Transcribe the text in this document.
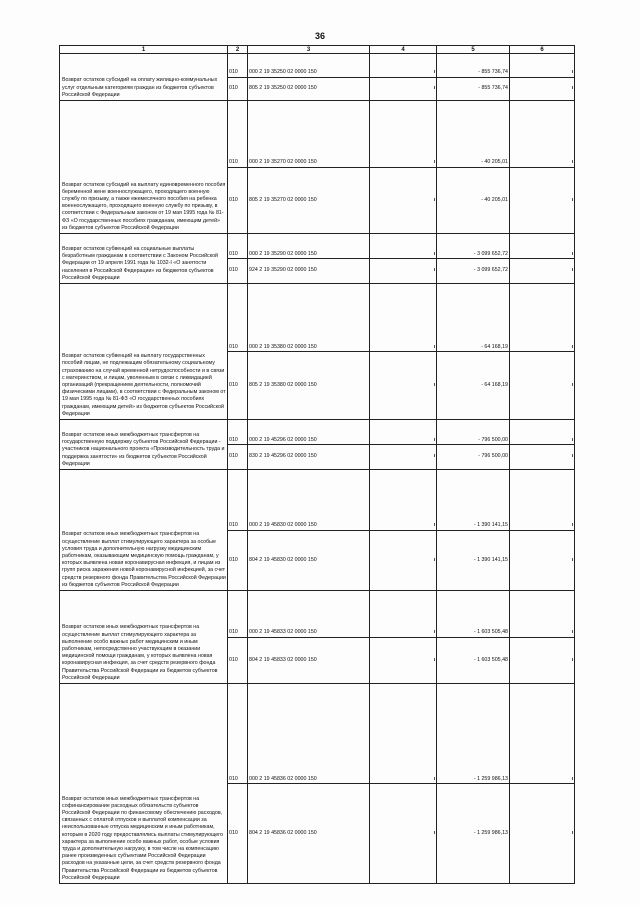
36
1	2	3	4	5	6
Возврат остатков субсидий на оплату жилищно-коммунальных услуг отдельным категориям граждан из бюджетов субъектов Российской Федерации	010	000 2 19 35250 02 0000 150		- 855 736,74	
	010	805 2 19 35250 02 0000 150		- 855 736,74	
Возврат остатков субсидий на выплату единовременного пособия беременной жене военнослужащего, проходящего военную службу по призыву, а также ежемесячного пособия на ребенка военнослужащего, проходящего военную службу по призыву, в соответствии с Федеральным законом от 19 мая 1995 года № 81-ФЗ «О государственных пособиях гражданам, имеющим детей» из бюджетов субъектов Российской Федерации	010	000 2 19 35270 02 0000 150		- 40 205,01	
	010	805 2 19 35270 02 0000 150		- 40 205,01	
Возврат остатков субвенций на социальные выплаты безработным гражданам в соответствии с Законом Российской Федерации от 19 апреля 1991 года № 1032-I «О занятости населения в Российской Федерации» из бюджетов субъектов Российской Федерации	010	000 2 19 35290 02 0000 150		- 3 099 652,72	
	010	924 2 19 35290 02 0000 150		- 3 099 652,72	
Возврат остатков субвенций на выплату государственных пособий лицам, не подлежащим обязательному социальному страхованию на случай временной нетрудоспособности и в связи с материнством, и лицам, уволенным в связи с ликвидацией организаций (прекращением деятельности, полномочий физическими лицами), в соответствии с Федеральным законом от 19 мая 1995 года № 81-ФЗ «О государственных пособиях гражданам, имеющим детей» из бюджетов субъектов Российской Федерации	010	000 2 19 35380 02 0000 150		- 64 168,19	
	010	805 2 19 35380 02 0000 150		- 64 168,19	
Возврат остатков иных межбюджетных трансфертов на государственную поддержку субъектов Российской Федерации - участников национального проекта «Производительность труда и поддержка занятости» из бюджетов субъектов Российской Федерации	010	000 2 19 45296 02 0000 150		- 796 500,00	
	010	830 2 19 45296 02 0000 150		- 796 500,00	
Возврат остатков иных межбюджетных трансфертов на осуществление выплат стимулирующего характера за особые условия труда и дополнительную нагрузку медицинским работникам, оказывающим медицинскую помощь гражданам, у которых выявлена новая коронавирусная инфекция, и лицам из групп риска заражения новой коронавирусной инфекцией, за счет средств резервного фонда Правительства Российской Федерации из бюджетов субъектов Российской Федерации	010	000 2 19 45830 02 0000 150		- 1 390 141,15	
	010	804 2 19 45830 02 0000 150		- 1 390 141,15	
Возврат остатков иных межбюджетных трансфертов на осуществление выплат стимулирующего характера за выполнение особо важных работ медицинским и иным работникам, непосредственно участвующим в оказании медицинской помощи гражданам, у которых выявлена новая коронавирусная инфекция, за счет средств резервного фонда Правительства Российской Федерации из бюджетов субъектов Российской Федерации	010	000 2 19 45833 02 0000 150		- 1 603 505,48	
	010	804 2 19 45833 02 0000 150		- 1 603 505,48	
Возврат остатков иных межбюджетных трансфертов на софинансирование расходных обязательств субъектов Российской Федерации по финансовому обеспечению расходов, связанных с оплатой отпусков и выплатой компенсации за неиспользованные отпуска медицинским и иным работникам, которым в 2020 году предоставлялись выплаты стимулирующего характера за выполнение особо важных работ, особые условия труда и дополнительную нагрузку, в том числе на компенсацию ранее произведенных субъектами Российской Федерации расходов на указанные цели, за счет средств резервного фонда Правительства Российской Федерации из бюджетов субъектов Российской Федерации	010	000 2 19 45836 02 0000 150		- 1 259 986,13	
	010	804 2 19 45836 02 0000 150		- 1 259 986,13	
